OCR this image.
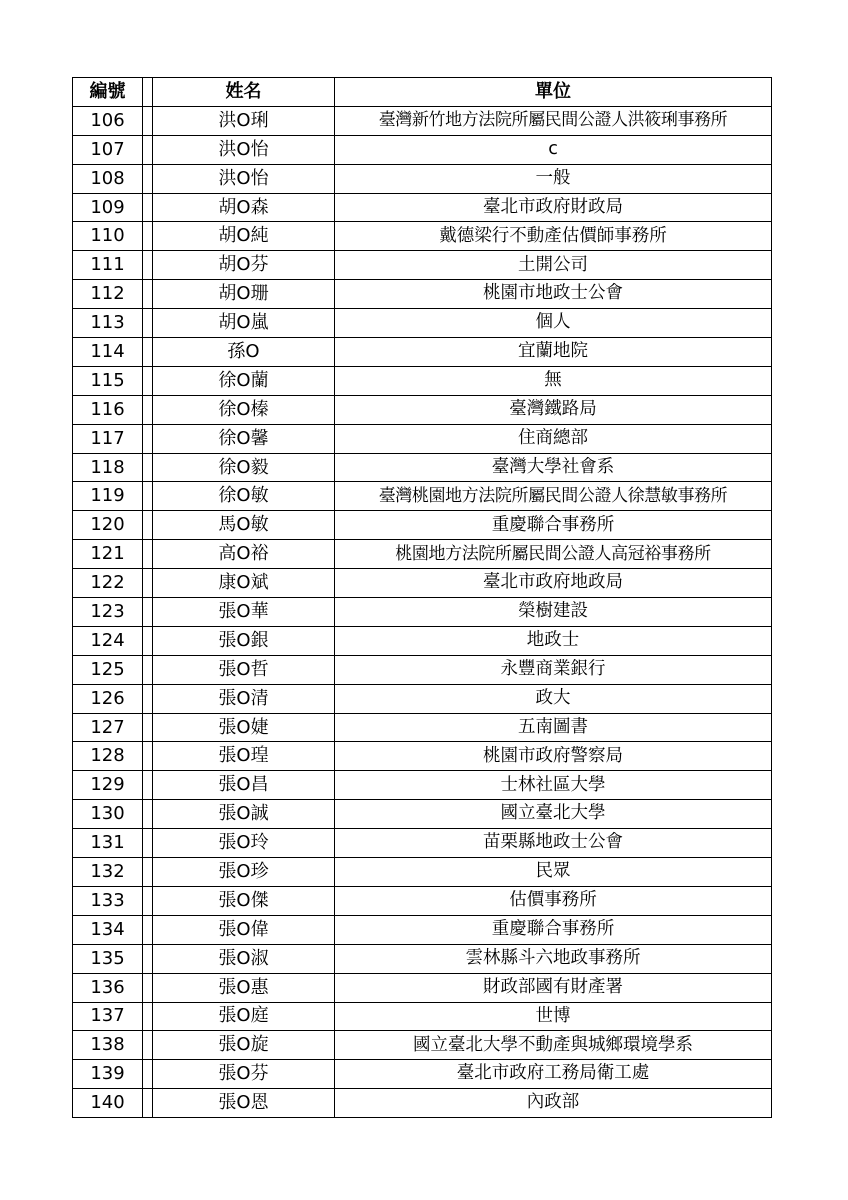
編號		姓名	單位
106		洪O琍	臺灣新竹地方法院所屬民間公證人洪筱琍事務所
107		洪O怡	c
108		洪O怡	一般
109		胡O森	臺北市政府財政局
110		胡O純	戴德梁行不動產估價師事務所
111		胡O芬	土開公司
112		胡O珊	桃園市地政士公會
113		胡O嵐	個人
114		孫O	宜蘭地院
115		徐O蘭	無
116		徐O榛	臺灣鐵路局
117		徐O馨	住商總部
118		徐O毅	臺灣大學社會系
119		徐O敏	臺灣桃園地方法院所屬民間公證人徐慧敏事務所
120		馬O敏	重慶聯合事務所
121		高O裕	桃園地方法院所屬民間公證人高冠裕事務所
122		康O斌	臺北市政府地政局
123		張O華	榮樹建設
124		張O銀	地政士
125		張O哲	永豐商業銀行
126		張O清	政大
127		張O婕	五南圖書
128		張O瑝	桃園市政府警察局
129		張O昌	士林社區大學
130		張O誠	國立臺北大學
131		張O玲	苗栗縣地政士公會
132		張O珍	民眾
133		張O傑	估價事務所
134		張O偉	重慶聯合事務所
135		張O淑	雲林縣斗六地政事務所
136		張O惠	財政部國有財產署
137		張O庭	世博
138		張O旋	國立臺北大學不動產與城鄉環境學系
139		張O芬	臺北市政府工務局衛工處
140		張O恩	內政部
